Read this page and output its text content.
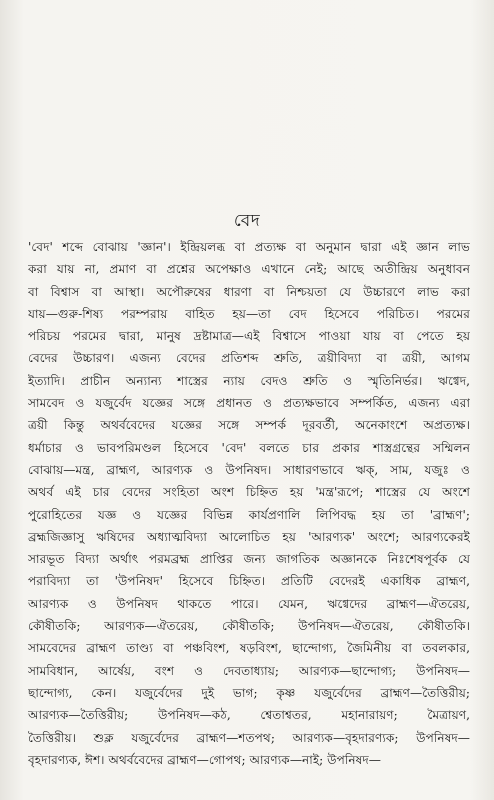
বেদ
'বেদ' শব্দে বোঝায় 'জ্ঞান'। ইন্দ্রিয়লব্ধ বা প্রত্যক্ষ বা অনুমান দ্বারা এই জ্ঞান লাভ
করা যায় না, প্রমাণ বা প্রশ্নের অপেক্ষাও এখানে নেই; আছে অতীন্দ্রিয় অনুধাবন
বা বিশ্বাস বা আস্থা। অপৌরুষের ধারণা বা নিশ্চয়তা যে উচ্চারণে লাভ করা
যায়—গুরু-শিষ্য পরম্পরায় বাহিত হয়—তা বেদ হিসেবে পরিচিত। পরমের
পরিচয় পরমের দ্বারা, মানুষ দ্রষ্টামাত্র—এই বিশ্বাসে পাওয়া যায় বা পেতে হয়
বেদের উচ্চারণ। এজন্য বেদের প্রতিশব্দ শ্রুতি, ত্রয়ীবিদ্যা বা ত্রয়ী, আগম
ইত্যাদি। প্রাচীন অন্যান্য শাস্ত্রের ন্যায় বেদও শ্রুতি ও স্মৃতিনির্ভর। ঋগ্বেদ,
সামবেদ ও যজুর্বেদ যজ্ঞের সঙ্গে প্রধানত ও প্রত্যক্ষভাবে সম্পর্কিত, এজন্য এরা
ত্রয়ী কিন্তু অথর্ববেদের যজ্ঞের সঙ্গে সম্পর্ক দূরবর্তী, অনেকাংশে অপ্রত্যক্ষ।
ধর্মাচার ও ভাবপরিমণ্ডল হিসেবে 'বেদ' বলতে চার প্রকার শাস্ত্রগ্রন্থের সম্মিলন
বোঝায়—মন্ত্র, ব্রাহ্মণ, আরণ্যক ও উপনিষদ। সাধারণভাবে ঋক্‌, সাম, যজুঃ ও
অথর্ব এই চার বেদের সংহিতা অংশ চিহ্নিত হয় 'মন্ত্র'রূপে; শাস্ত্রের যে অংশে
পুরোহিতের যজ্ঞ ও যজ্ঞের বিভিন্ন কার্যপ্রণালি লিপিবদ্ধ হয় তা 'ব্রাহ্মণ';
ব্রহ্মজিজ্ঞাসু ঋষিদের অধ্যাত্মবিদ্যা আলোচিত হয় 'আরণ্যক' অংশে; আরণ্যকেরই
সারভূত বিদ্যা অর্থাৎ পরমব্রহ্ম প্রাপ্তির জন্য জাগতিক অজ্ঞানকে নিঃশেষপূর্বক যে
পরাবিদ্যা তা 'উপনিষদ' হিসেবে চিহ্নিত। প্রতিটি বেদেরই একাধিক ব্রাহ্মণ,
আরণ্যক ও উপনিষদ থাকতে পারে। যেমন, ঋগ্বেদের ব্রাহ্মণ—ঐতরেয়,
কৌষীতকি; আরণ্যক—ঐতরেয়, কৌষীতকি; উপনিষদ—ঐতরেয়, কৌষীতকি।
সামবেদের ব্রাহ্মণ তাণ্ড্য বা পঞ্চবিংশ, ষড়বিংশ, ছান্দোগ্য, জৈমিনীয় বা তবলকার,
সামবিধান, আর্ষেয়, বংশ ও দেবতাধ্যায়; আরণ্যক—ছান্দোগ্য; উপনিষদ—
ছান্দোগ্য, কেন। যজুর্বেদের দুই ভাগ; কৃষ্ণ যজুর্বেদের ব্রাহ্মণ—তৈত্তিরীয়;
আরণ্যক—তৈত্তিরীয়; উপনিষদ—কঠ, শ্বেতাশ্বতর, মহানারায়ণ; মৈত্রায়ণ,
তৈত্তিরীয়। শুক্ল যজুর্বেদের ব্রাহ্মণ—শতপথ; আরণ্যক—বৃহদারণ্যক; উপনিষদ—
বৃহদারণ্যক, ঈশ। অথর্ববেদের ব্রাহ্মণ—গোপথ; আরণ্যক—নাই; উপনিষদ—
